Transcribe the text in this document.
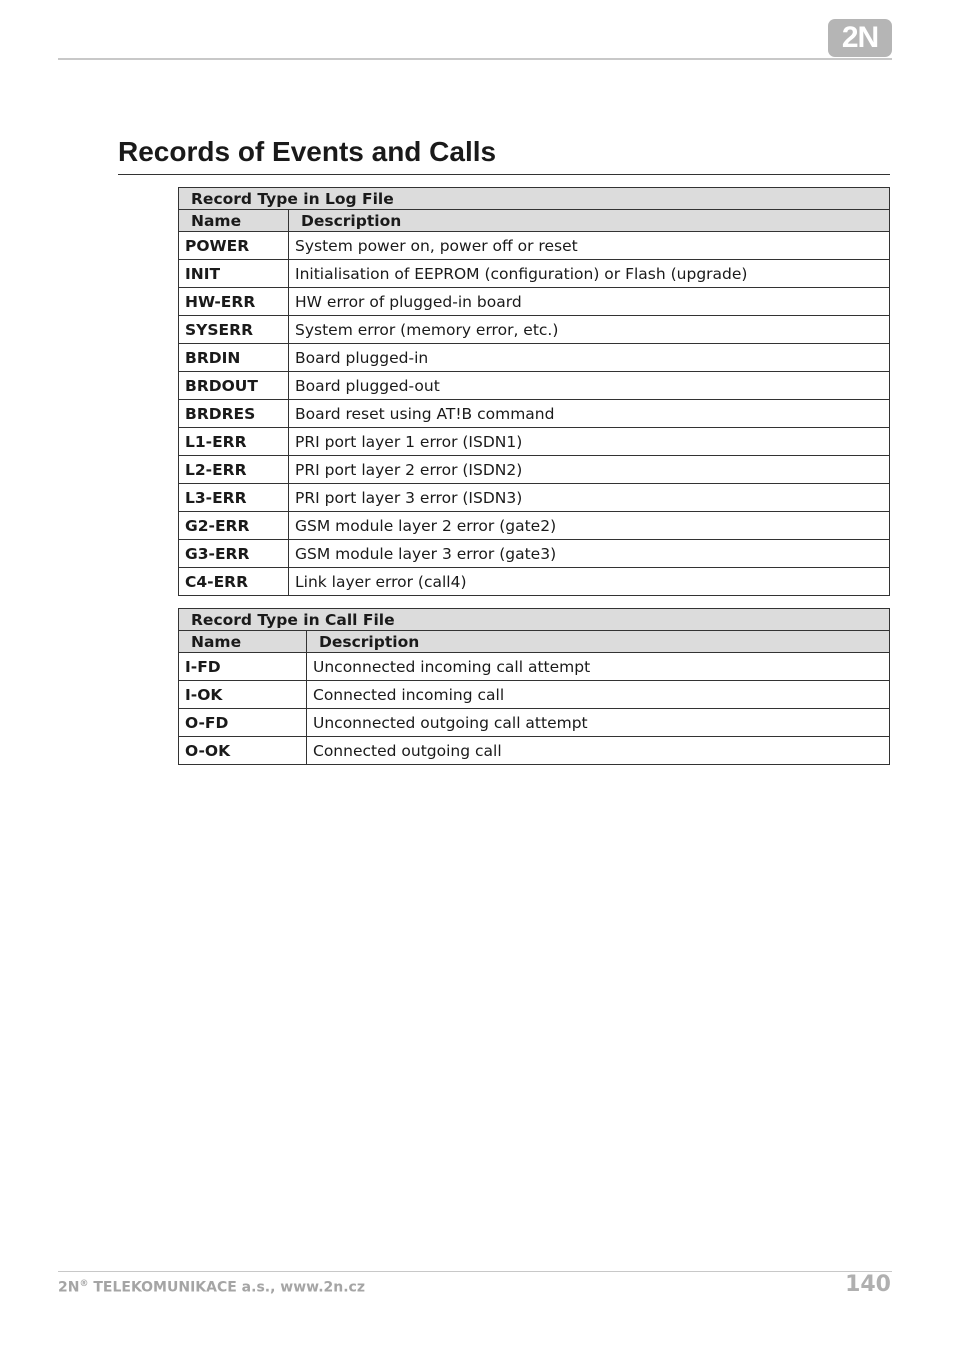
2N
Records of Events and Calls
Record Type in Log File	
Name	Description
POWER	System power on, power off or reset
INIT	Initialisation of EEPROM (configuration) or Flash (upgrade)
HW-ERR	HW error of plugged-in board
SYSERR	System error (memory error, etc.)
BRDIN	Board plugged-in
BRDOUT	Board plugged-out
BRDRES	Board reset using AT!B command
L1-ERR	PRI port layer 1 error (ISDN1)
L2-ERR	PRI port layer 2 error (ISDN2)
L3-ERR	PRI port layer 3 error (ISDN3)
G2-ERR	GSM module layer 2 error (gate2)
G3-ERR	GSM module layer 3 error (gate3)
C4-ERR	Link layer error (call4)
Record Type in Call File	
Name	Description
I-FD	Unconnected incoming call attempt
I-OK	Connected incoming call
O-FD	Unconnected outgoing call attempt
O-OK	Connected outgoing call
2N® TELEKOMUNIKACE a.s., www.2n.cz	140
